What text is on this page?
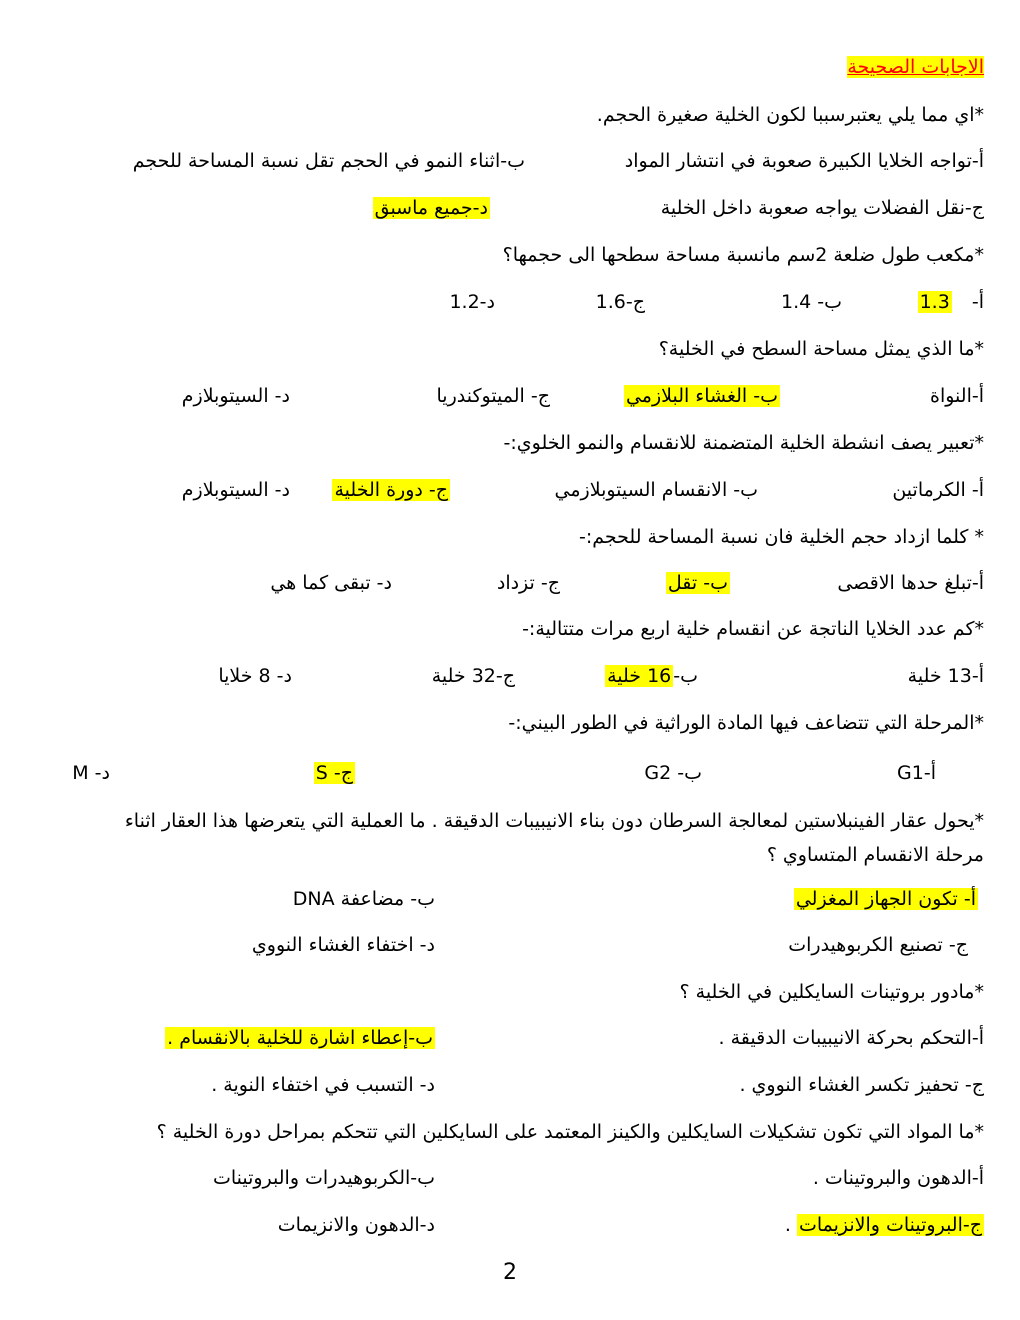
الاجابات الصحيحة
*اي مما يلي يعتبرسببا لكون الخلية صغيرة الحجم.
أ-تواجه الخلايا الكبيرة صعوبة في انتشار المواد
ب-اثناء النمو في الحجم تقل نسبة المساحة للحجم
ج-نقل الفضلات يواجه صعوبة داخل الخلية
د-جميع ماسبق
*مكعب طول ضلعة 2سم مانسبة مساحة سطحها الى حجمها؟
أ- 1.3
ب- 1.4
ج-1.6
د-1.2
*ما الذي يمثل مساحة السطح في الخلية؟
أ-النواة
ب- الغشاء البلازمي
ج- الميتوكندريا
د- السيتوبلازم
*تعبير يصف انشطة الخلية المتضمنة للانقسام والنمو الخلوي:-
أ- الكرماتين
ب- الانقسام السيتوبلازمي
ج- دورة الخلية
د- السيتوبلازم
* كلما ازداد حجم الخلية فان نسبة المساحة للحجم:-
أ-تبلغ حدها الاقصى
ب- تقل
ج- تزداد
د- تبقى كما هي
*كم عدد الخلايا الناتجة عن انقسام خلية اربع مرات متتالية:-
أ-13 خلية
ب-16 خلية
ج-32 خلية
د- 8 خلايا
*المرحلة التي تتضاعف فيها المادة الوراثية في الطور البيني:-
أ-G1
ب- G2
ج- S
د- M
*يحول عقار الفينبلاستين لمعالجة السرطان دون بناء الانيبيبات الدقيقة . ما العملية التي يتعرضها هذا العقار اثناء مرحلة الانقسام المتساوي ؟
أ- تكون الجهاز المغزلي
ب- مضاعفة DNA
ج- تصنيع الكربوهيدرات
د- اختفاء الغشاء النووي
*مادور بروتينات السايكلين في الخلية ؟
أ-التحكم بحركة الانيبيبات الدقيقة .
ب-إعطاء اشارة للخلية بالانقسام .
ج- تحفيز تكسر الغشاء النووي .
د- التسبب في اختفاء النوية .
*ما المواد التي تكون تشكيلات السايكلين والكينز المعتمد على السايكلين التي تتحكم بمراحل دورة الخلية ؟
أ-الدهون والبروتينات .
ب-الكربوهيدرات والبروتينات
ج-البروتينات والانزيمات .
د-الدهون والانزيمات
2
